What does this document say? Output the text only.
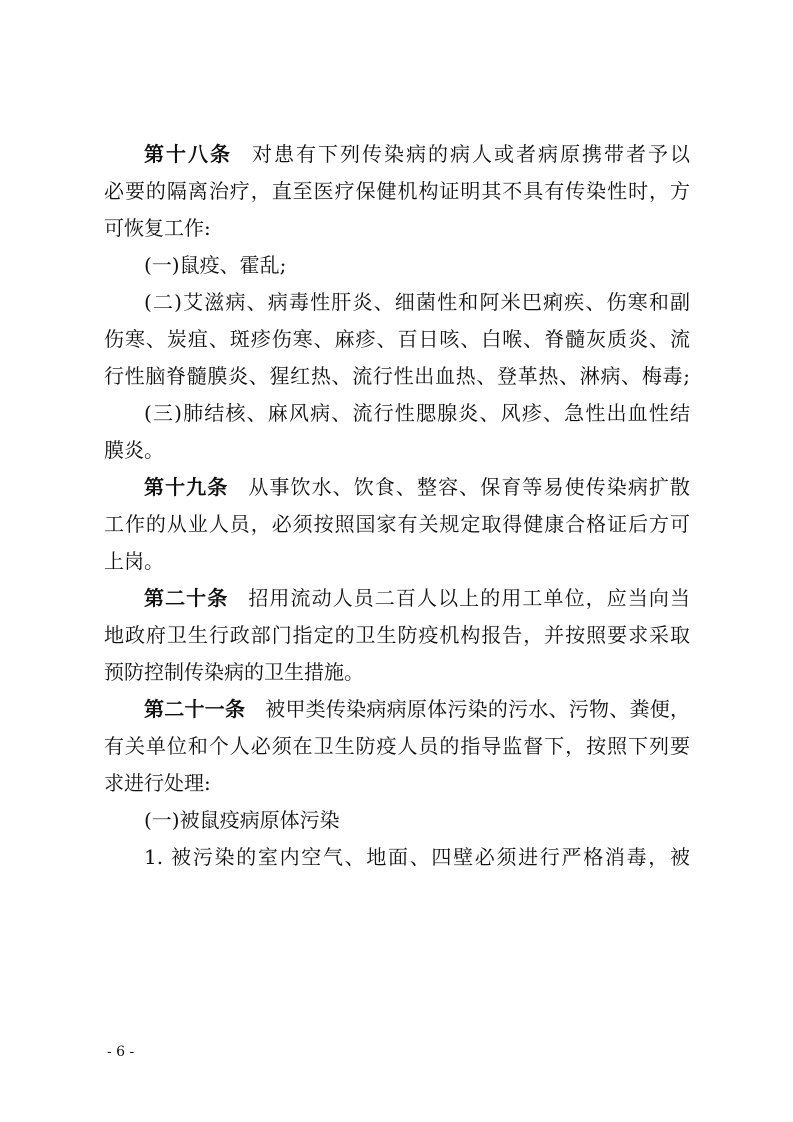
第十八条 对患有下列传染病的病人或者病原携带者予以
必要的隔离治疗，直至医疗保健机构证明其不具有传染性时，方
可恢复工作:
(一)鼠疫、霍乱;
(二)艾滋病、病毒性肝炎、细菌性和阿米巴痢疾、伤寒和副
伤寒、炭疽、斑疹伤寒、麻疹、百日咳、白喉、脊髓灰质炎、流
行性脑脊髓膜炎、猩红热、流行性出血热、登革热、淋病、梅毒;
(三)肺结核、麻风病、流行性腮腺炎、风疹、急性出血性结
膜炎。
第十九条 从事饮水、饮食、整容、保育等易使传染病扩散
工作的从业人员，必须按照国家有关规定取得健康合格证后方可
上岗。
第二十条 招用流动人员二百人以上的用工单位，应当向当
地政府卫生行政部门指定的卫生防疫机构报告，并按照要求采取
预防控制传染病的卫生措施。
第二十一条 被甲类传染病病原体污染的污水、污物、粪便，
有关单位和个人必须在卫生防疫人员的指导监督下，按照下列要
求进行处理:
(一)被鼠疫病原体污染
1. 被污染的室内空气、地面、四壁必须进行严格消毒，被
- 6 -
